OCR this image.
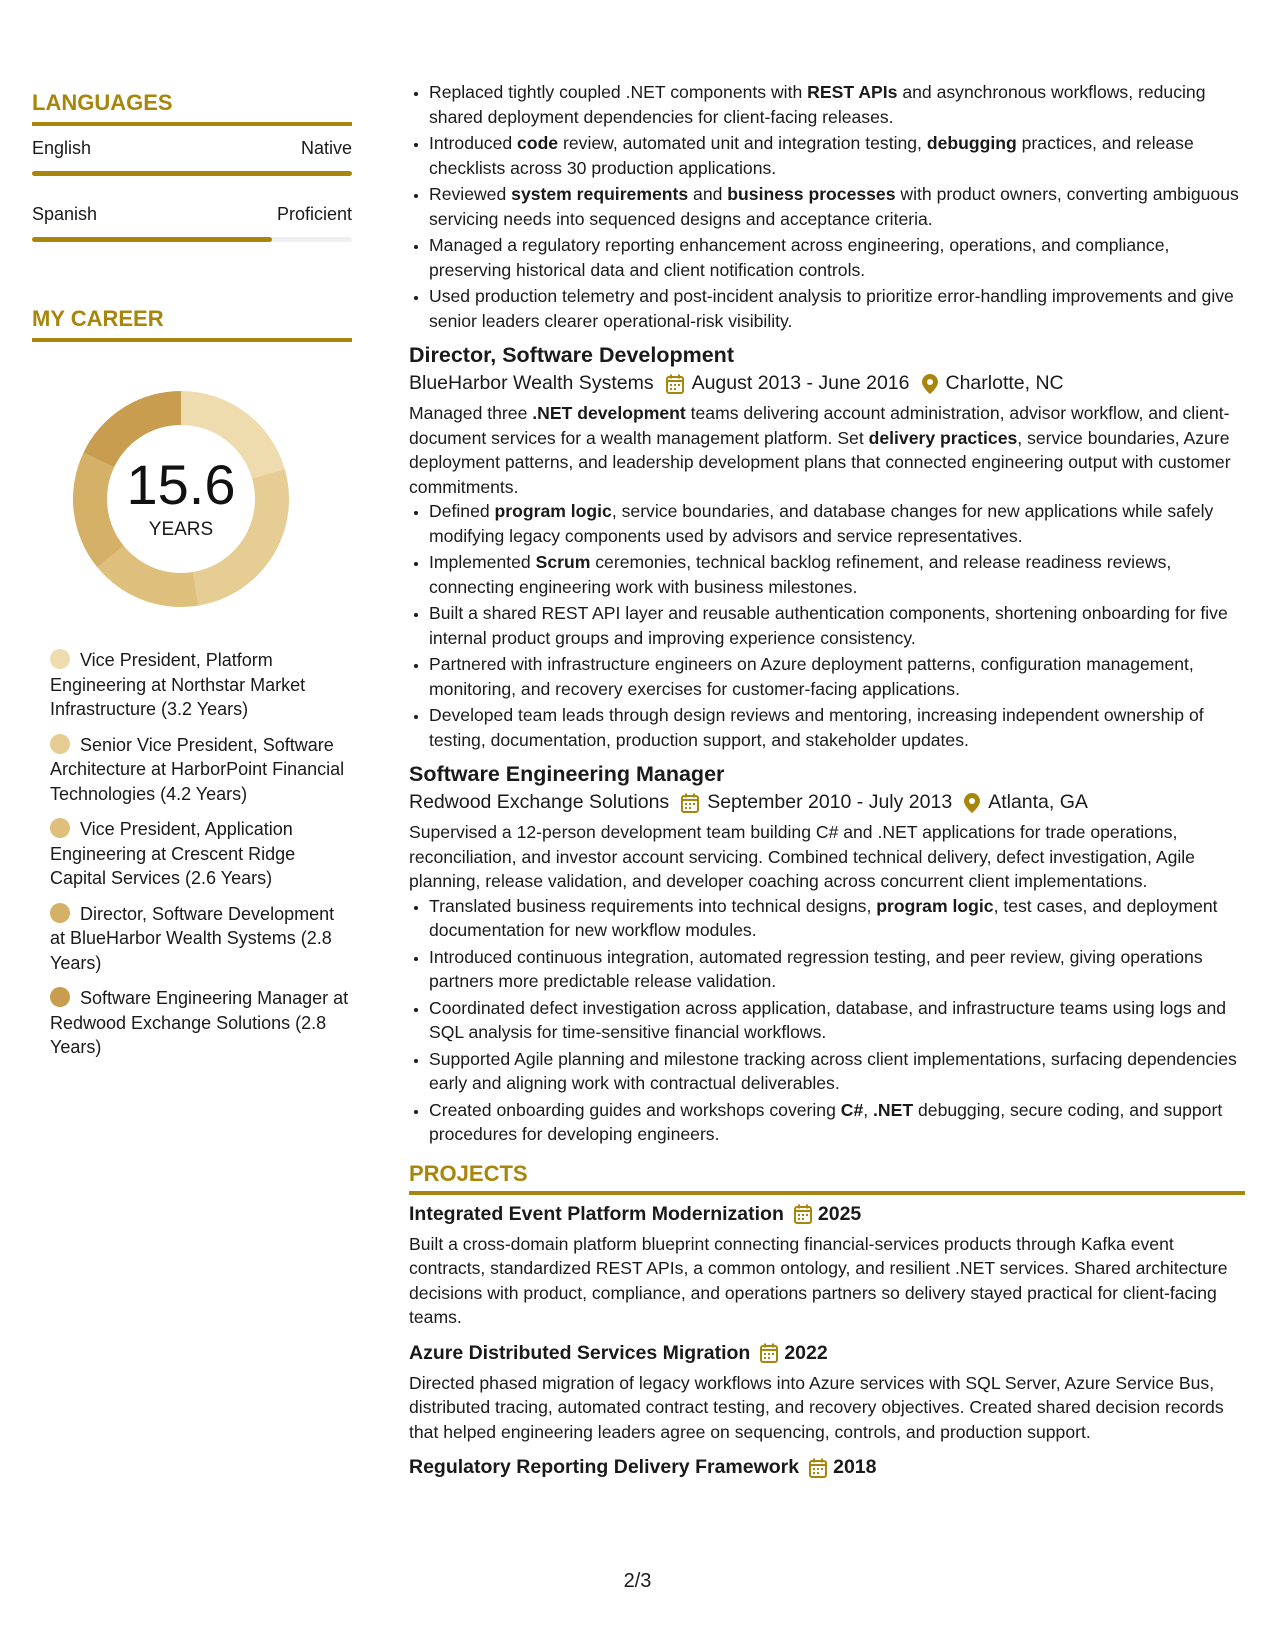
LANGUAGES
English	Native
Spanish	Proficient
MY CAREER
15.6
YEARS
Vice President, Platform Engineering at Northstar Market Infrastructure (3.2 Years)
Senior Vice President, Software Architecture at HarborPoint Financial Technologies (4.2 Years)
Vice President, Application Engineering at Crescent Ridge Capital Services (2.6 Years)
Director, Software Development at BlueHarbor Wealth Systems (2.8 Years)
Software Engineering Manager at Redwood Exchange Solutions (2.8 Years)
• Replaced tightly coupled .NET components with REST APIs and asynchronous workflows, reducing shared deployment dependencies for client-facing releases.
• Introduced code review, automated unit and integration testing, debugging practices, and release checklists across 30 production applications.
• Reviewed system requirements and business processes with product owners, converting ambiguous servicing needs into sequenced designs and acceptance criteria.
• Managed a regulatory reporting enhancement across engineering, operations, and compliance, preserving historical data and client notification controls.
• Used production telemetry and post-incident analysis to prioritize error-handling improvements and give senior leaders clearer operational-risk visibility.
Director, Software Development
BlueHarbor Wealth Systems August 2013 - June 2016 Charlotte, NC
Managed three .NET development teams delivering account administration, advisor workflow, and client-document services for a wealth management platform. Set delivery practices, service boundaries, Azure deployment patterns, and leadership development plans that connected engineering output with customer commitments.
• Defined program logic, service boundaries, and database changes for new applications while safely modifying legacy components used by advisors and service representatives.
• Implemented Scrum ceremonies, technical backlog refinement, and release readiness reviews, connecting engineering work with business milestones.
• Built a shared REST API layer and reusable authentication components, shortening onboarding for five internal product groups and improving experience consistency.
• Partnered with infrastructure engineers on Azure deployment patterns, configuration management, monitoring, and recovery exercises for customer-facing applications.
• Developed team leads through design reviews and mentoring, increasing independent ownership of testing, documentation, production support, and stakeholder updates.
Software Engineering Manager
Redwood Exchange Solutions September 2010 - July 2013 Atlanta, GA
Supervised a 12-person development team building C# and .NET applications for trade operations, reconciliation, and investor account servicing. Combined technical delivery, defect investigation, Agile planning, release validation, and developer coaching across concurrent client implementations.
• Translated business requirements into technical designs, program logic, test cases, and deployment documentation for new workflow modules.
• Introduced continuous integration, automated regression testing, and peer review, giving operations partners more predictable release validation.
• Coordinated defect investigation across application, database, and infrastructure teams using logs and SQL analysis for time-sensitive financial workflows.
• Supported Agile planning and milestone tracking across client implementations, surfacing dependencies early and aligning work with contractual deliverables.
• Created onboarding guides and workshops covering C#, .NET debugging, secure coding, and support procedures for developing engineers.
PROJECTS
Integrated Event Platform Modernization 2025
Built a cross-domain platform blueprint connecting financial-services products through Kafka event contracts, standardized REST APIs, a common ontology, and resilient .NET services. Shared architecture decisions with product, compliance, and operations partners so delivery stayed practical for client-facing teams.
Azure Distributed Services Migration 2022
Directed phased migration of legacy workflows into Azure services with SQL Server, Azure Service Bus, distributed tracing, automated contract testing, and recovery objectives. Created shared decision records that helped engineering leaders agree on sequencing, controls, and production support.
Regulatory Reporting Delivery Framework 2018
2/3
